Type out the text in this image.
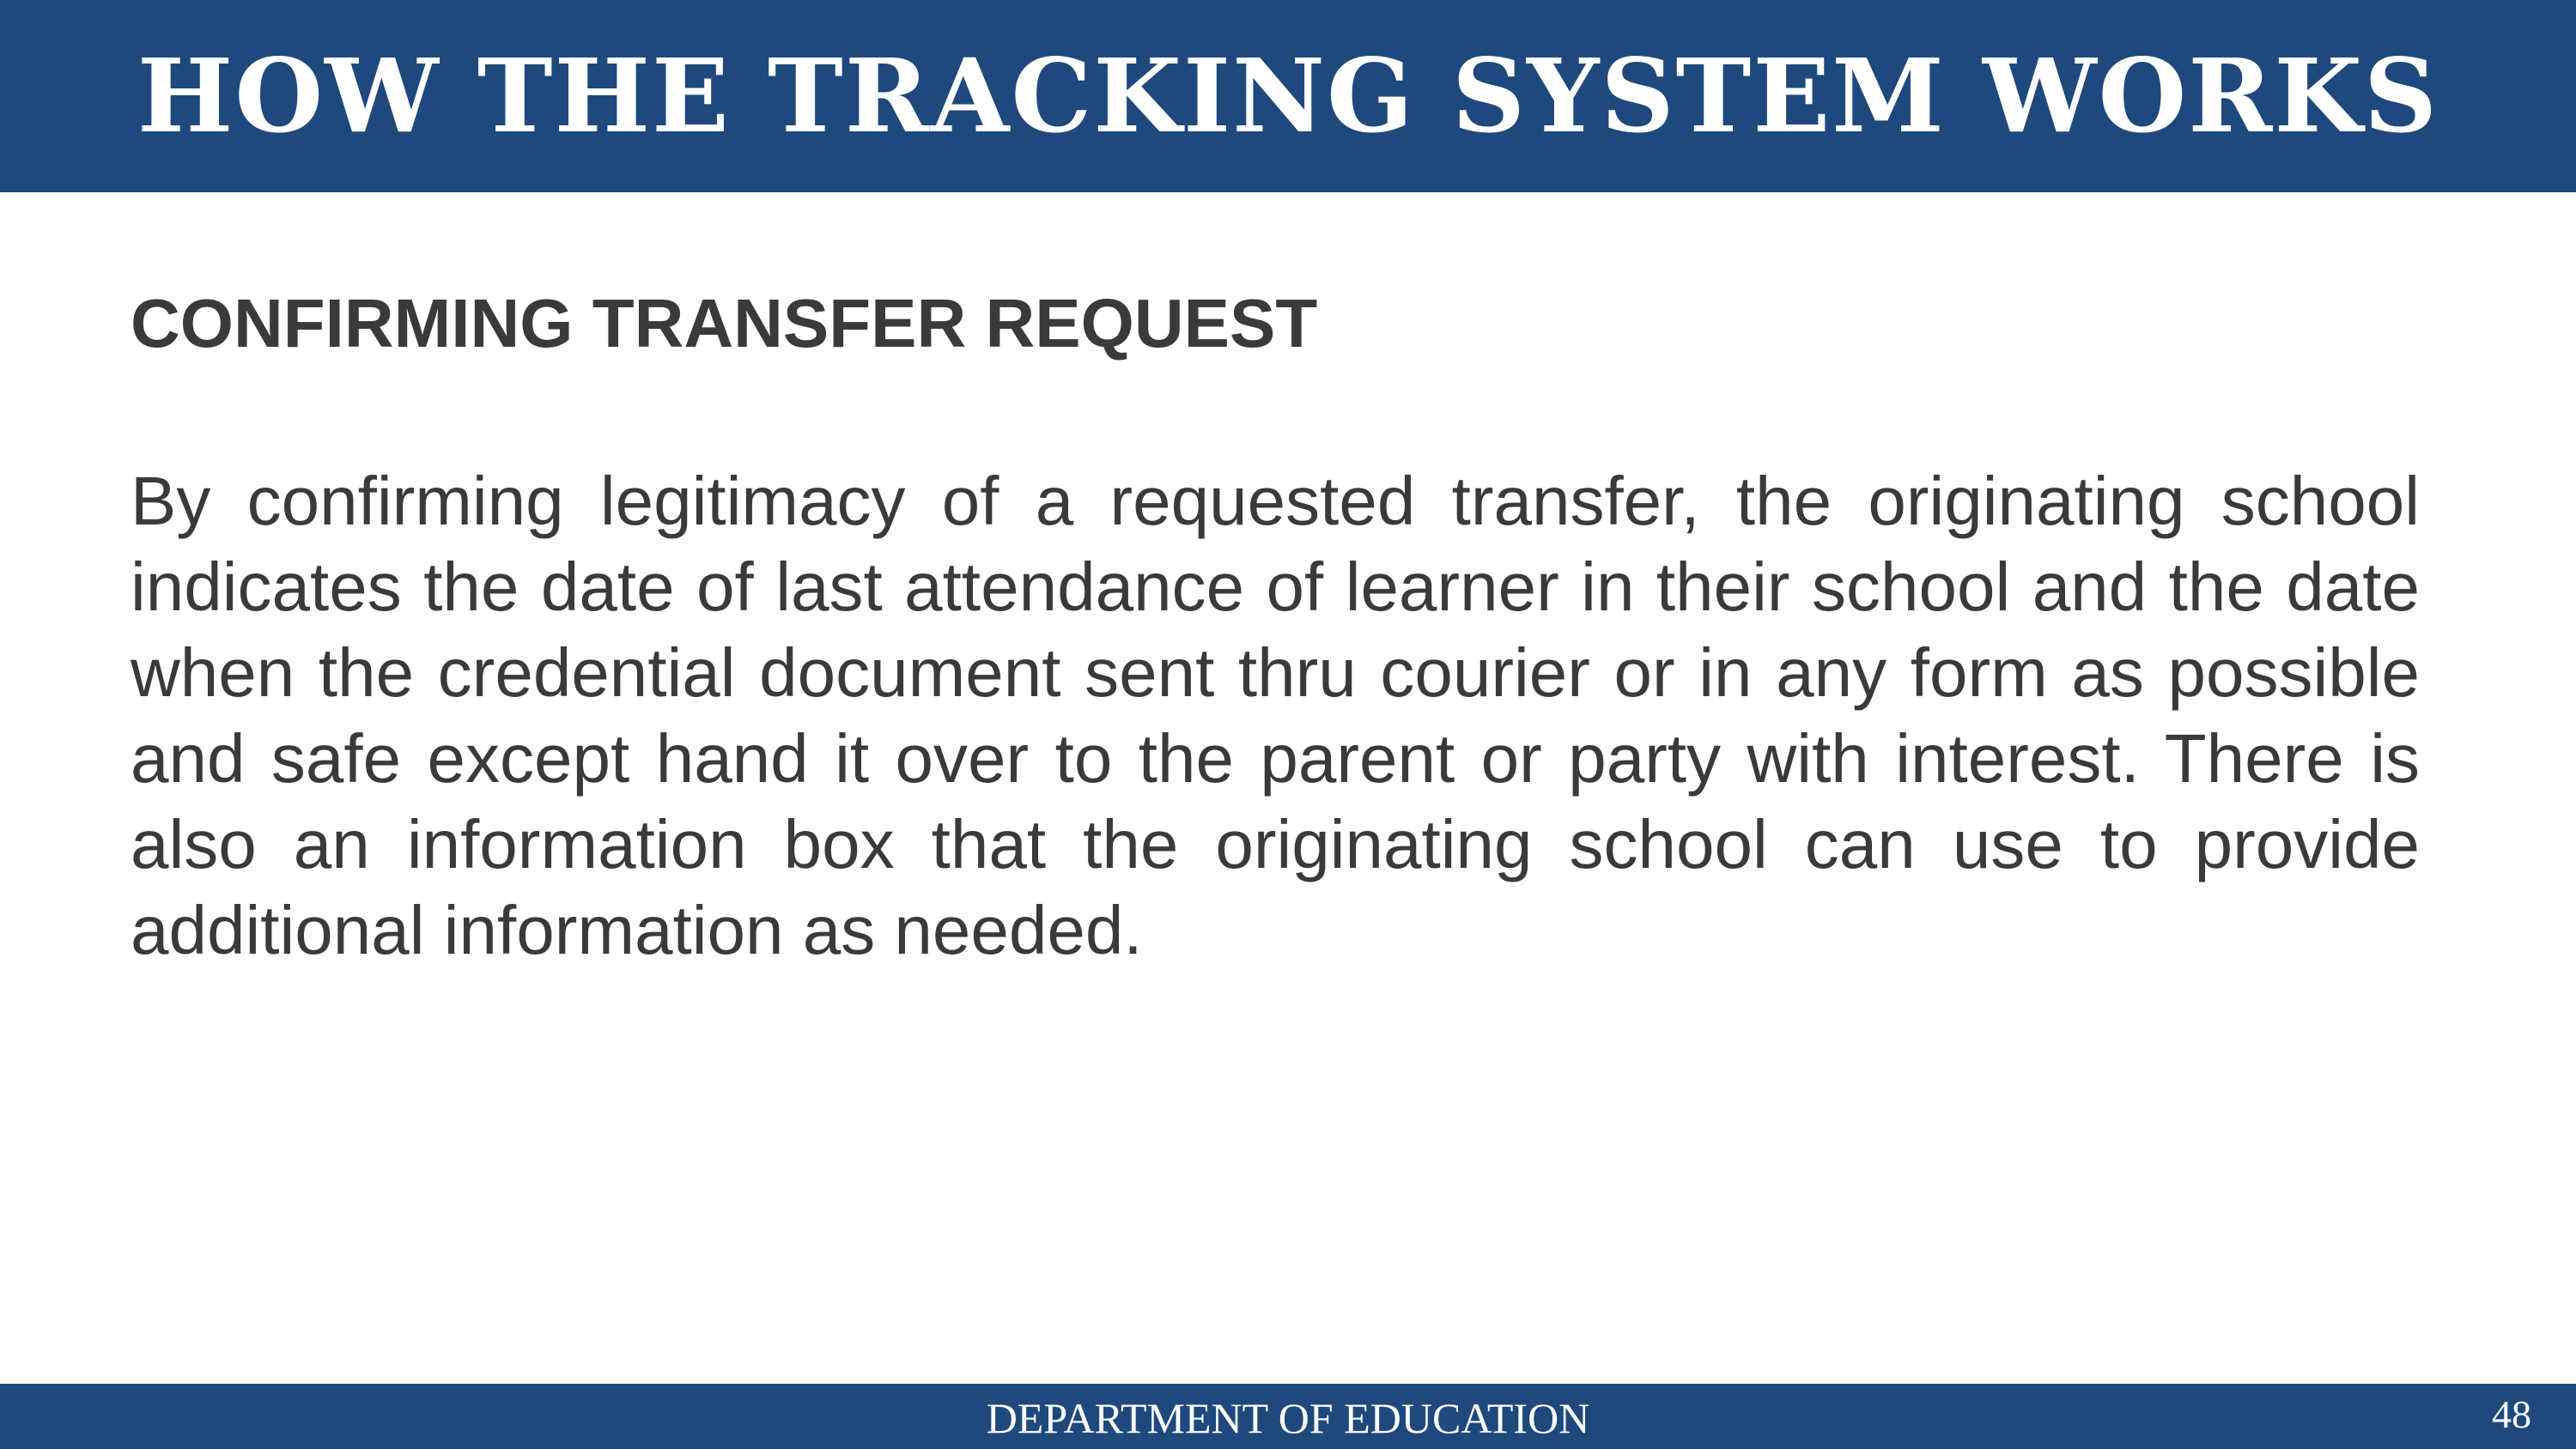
HOW THE TRACKING SYSTEM WORKS
CONFIRMING TRANSFER REQUEST

By confirming legitimacy of a requested transfer, the originating school indicates the date of last attendance of learner in their school and the date when the credential document sent thru courier or in any form as possible and safe except hand it over to the parent or party with interest. There is also an information box that the originating school can use to provide additional information as needed.

DEPARTMENT OF EDUCATION	48
